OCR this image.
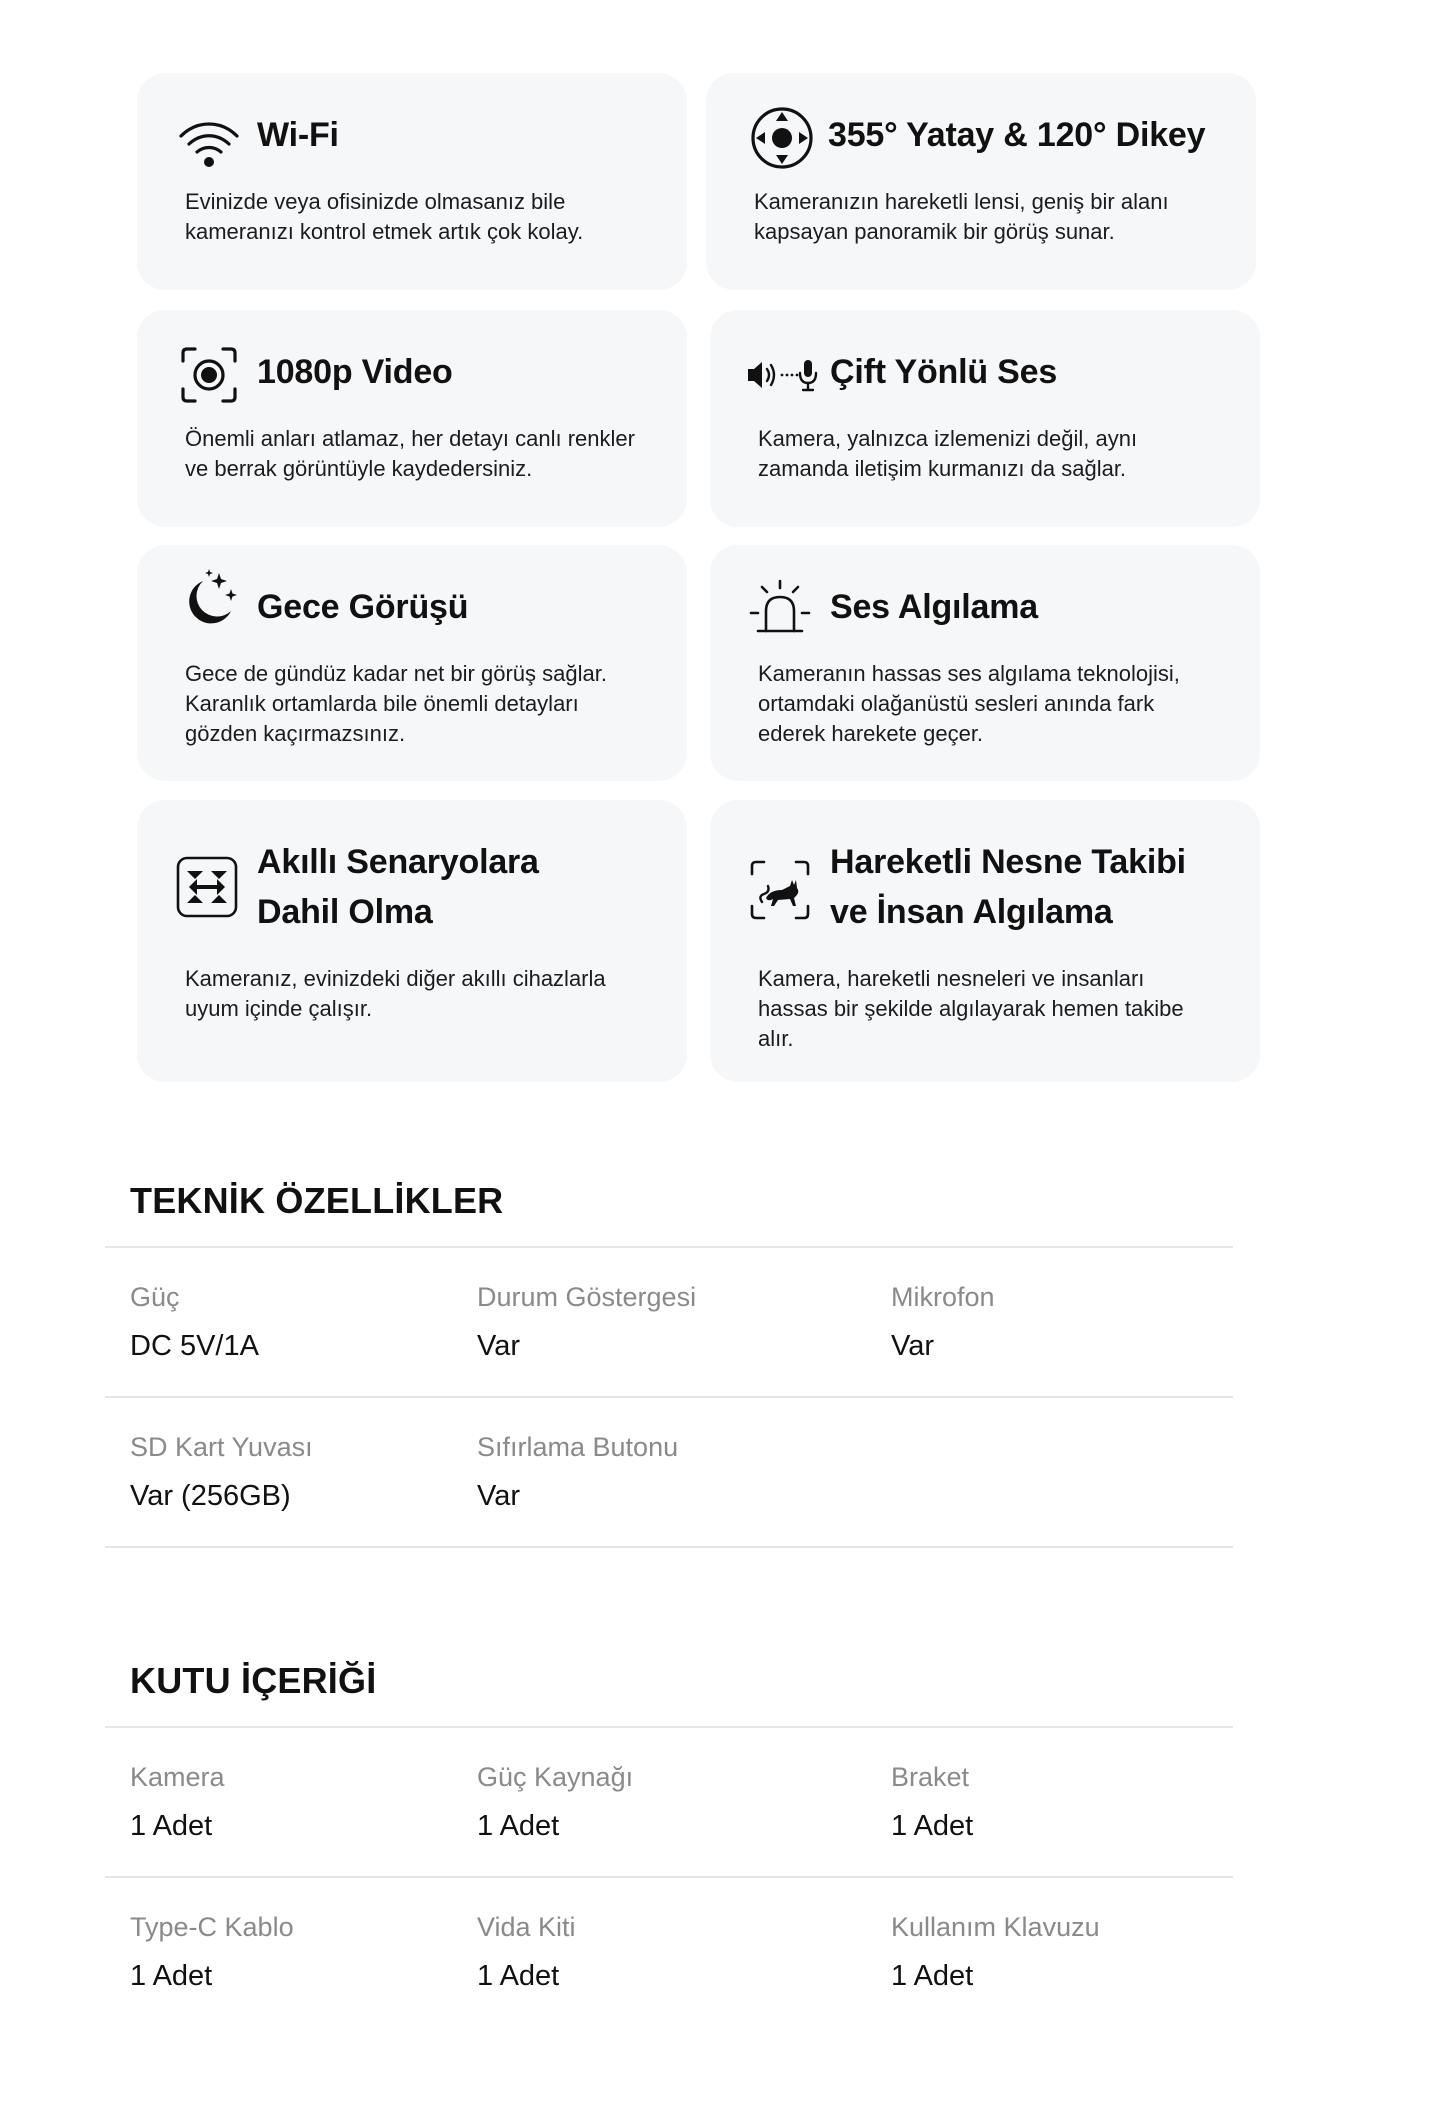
Wi-Fi
Evinizde veya ofisinizde olmasanız bile
kameranızı kontrol etmek artık çok kolay.
355° Yatay & 120° Dikey
Kameranızın hareketli lensi, geniş bir alanı
kapsayan panoramik bir görüş sunar.
1080p Video
Önemli anları atlamaz, her detayı canlı renkler
ve berrak görüntüyle kaydedersiniz.
Çift Yönlü Ses
Kamera, yalnızca izlemenizi değil, aynı
zamanda iletişim kurmanızı da sağlar.
Gece Görüşü
Gece de gündüz kadar net bir görüş sağlar.
Karanlık ortamlarda bile önemli detayları
gözden kaçırmazsınız.
Ses Algılama
Kameranın hassas ses algılama teknolojisi,
ortamdaki olağanüstü sesleri anında fark
ederek harekete geçer.
Akıllı Senaryolara
Dahil Olma
Kameranız, evinizdeki diğer akıllı cihazlarla
uyum içinde çalışır.
Hareketli Nesne Takibi
ve İnsan Algılama
Kamera, hareketli nesneleri ve insanları
hassas bir şekilde algılayarak hemen takibe
alır.
TEKNİK ÖZELLİKLER
Güç
DC 5V/1A
Durum Göstergesi
Var
Mikrofon
Var
SD Kart Yuvası
Var (256GB)
Sıfırlama Butonu
Var
KUTU İÇERİĞİ
Kamera
1 Adet
Güç Kaynağı
1 Adet
Braket
1 Adet
Type-C Kablo
1 Adet
Vida Kiti
1 Adet
Kullanım Klavuzu
1 Adet
